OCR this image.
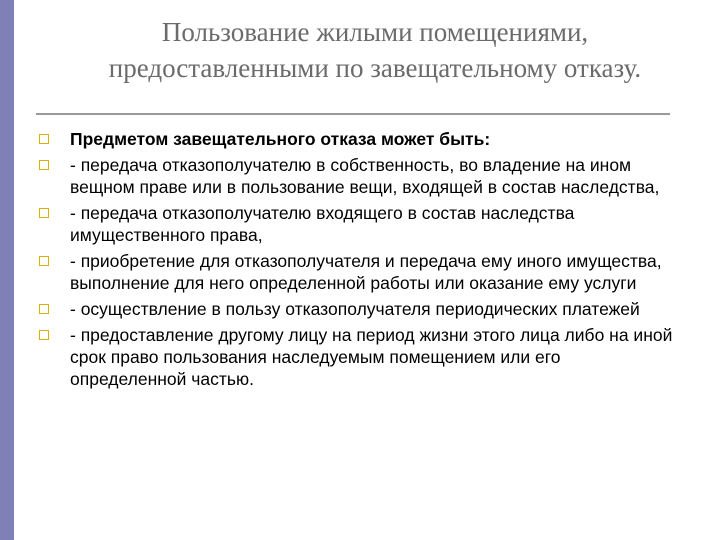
Пользование жилыми помещениями,
предоставленными по завещательному отказу.
Предметом завещательного отказа может быть:
- передача отказополучателю в собственность, во владение на ином вещном праве или в пользование вещи, входящей в состав наследства,
- передача отказополучателю входящего в состав наследства имущественного права,
- приобретение для отказополучателя и передача ему иного имущества, выполнение для него определенной работы или оказание ему услуги
- осуществление в пользу отказополучателя периодических платежей
- предоставление другому лицу на период жизни этого лица либо на иной срок право пользования наследуемым помещением или его определенной частью.
